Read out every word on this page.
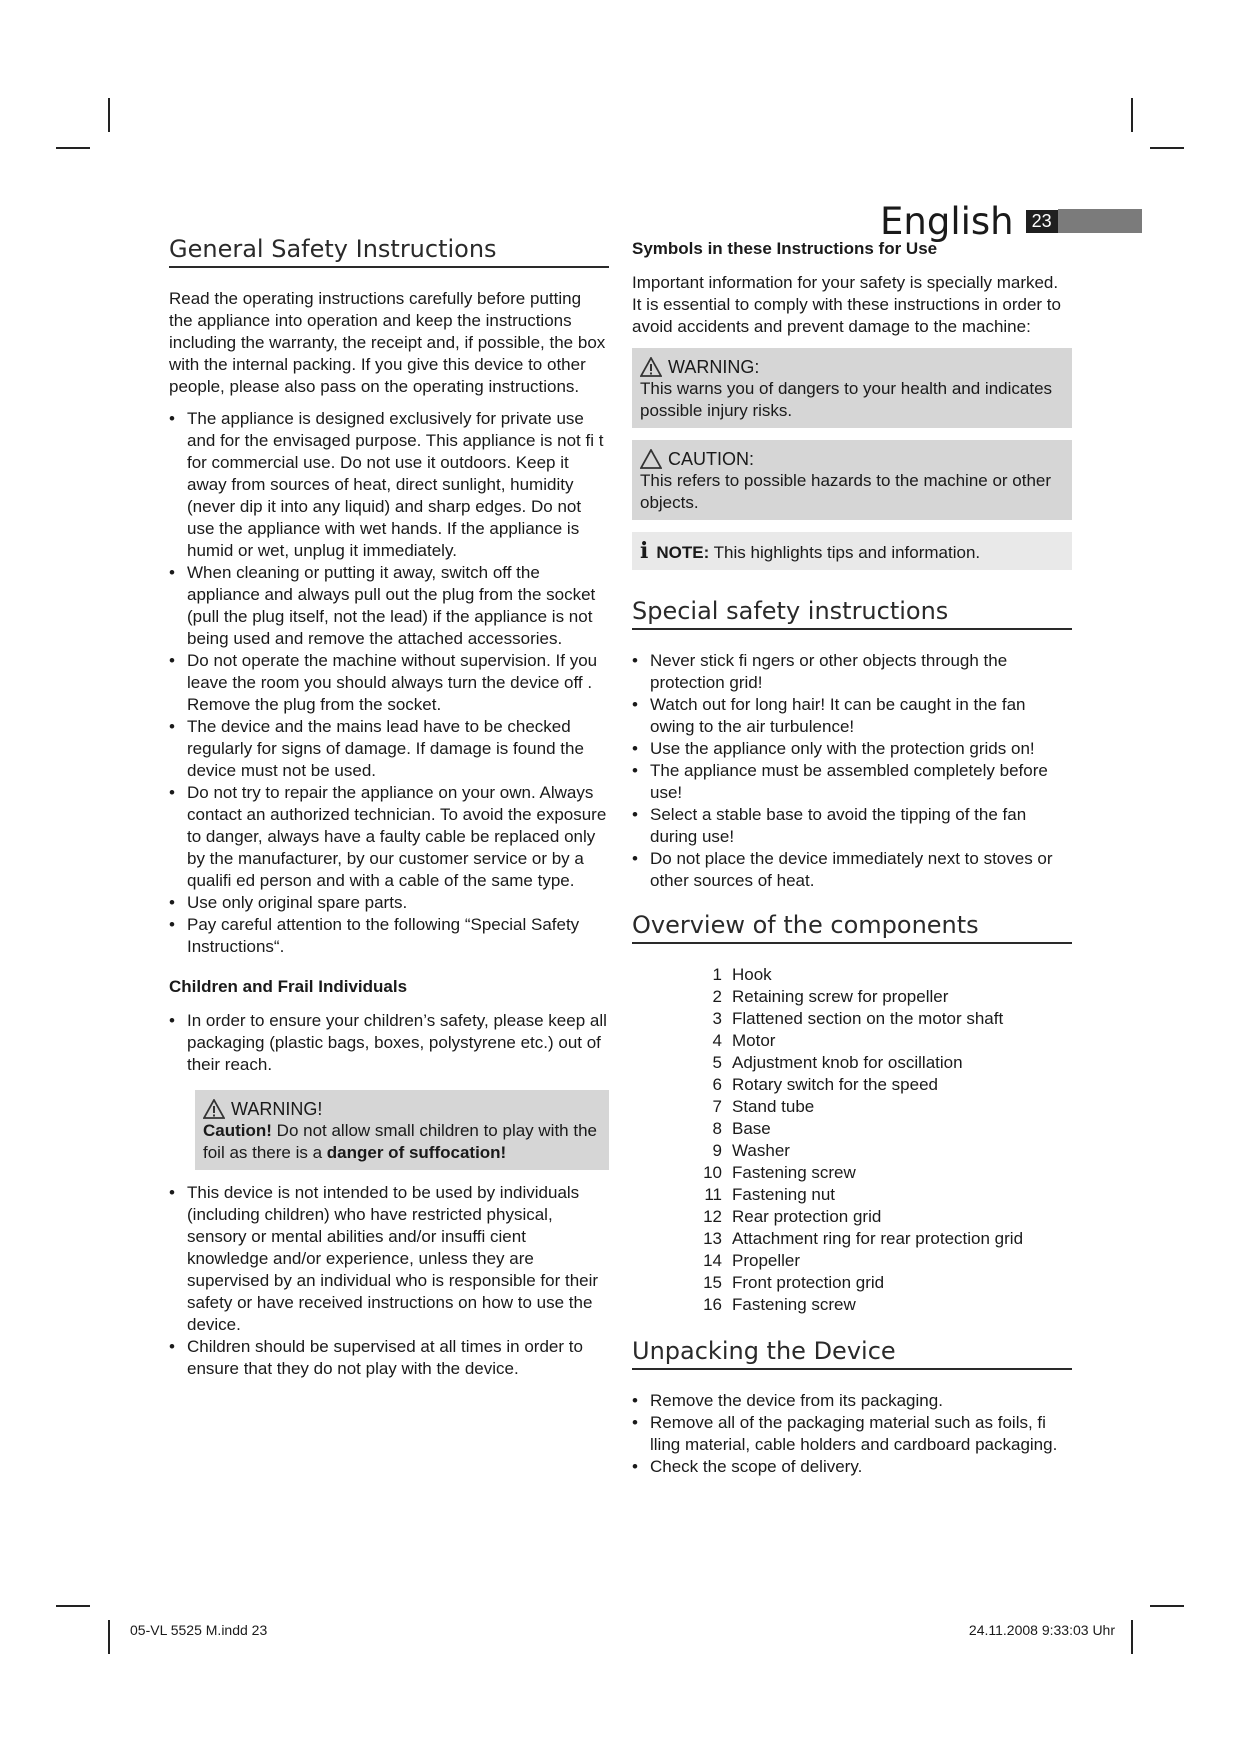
English	23
General Safety Instructions

Read the operating instructions carefully before putting the appliance into operation and keep the instructions including the warranty, the receipt and, if possible, the box with the internal packing. If you give this device to other people, please also pass on the operating instructions.

• The appliance is designed exclusively for private use and for the envisaged purpose. This appliance is not fi t for commercial use. Do not use it outdoors. Keep it away from sources of heat, direct sunlight, humidity (never dip it into any liquid) and sharp edges. Do not use the appliance with wet hands. If the appliance is humid or wet, unplug it immediately.
• When cleaning or putting it away, switch off the appliance and always pull out the plug from the socket (pull the plug itself, not the lead) if the appliance is not being used and remove the attached accessories.
• Do not operate the machine without supervision. If you leave the room you should always turn the device off . Remove the plug from the socket.
• The device and the mains lead have to be checked regularly for signs of damage. If damage is found the device must not be used.
• Do not try to repair the appliance on your own. Always contact an authorized technician. To avoid the exposure to danger, always have a faulty cable be replaced only by the manufacturer, by our customer service or by a qualifi ed person and with a cable of the same type.
• Use only original spare parts.
• Pay careful attention to the following “Special Safety Instructions“.
Children and Frail Individuals
• In order to ensure your children’s safety, please keep all packaging (plastic bags, boxes, polystyrene etc.) out of their reach.
WARNING!
Caution! Do not allow small children to play with the foil as there is a danger of suffocation!
• This device is not intended to be used by individuals (including children) who have restricted physical, sensory or mental abilities and/or insuffi cient knowledge and/or experience, unless they are supervised by an individual who is responsible for their safety or have received instructions on how to use the device.
• Children should be supervised at all times in order to ensure that they do not play with the device.
Symbols in these Instructions for Use

Important information for your safety is specially marked. It is essential to comply with these instructions in order to avoid accidents and prevent damage to the machine:

WARNING:
This warns you of dangers to your health and indicates possible injury risks.
CAUTION:
This refers to possible hazards to the machine or other objects.
i NOTE: This highlights tips and information.
Special safety instructions
• Never stick fi ngers or other objects through the protection grid!
• Watch out for long hair! It can be caught in the fan owing to the air turbulence!
• Use the appliance only with the protection grids on!
• The appliance must be assembled completely before use!
• Select a stable base to avoid the tipping of the fan during use!
• Do not place the device immediately next to stoves or other sources of heat.
Overview of the components
1 Hook
2 Retaining screw for propeller
3 Flattened section on the motor shaft
4 Motor
5 Adjustment knob for oscillation
6 Rotary switch for the speed
7 Stand tube
8 Base
9 Washer
10 Fastening screw
11 Fastening nut
12 Rear protection grid
13 Attachment ring for rear protection grid
14 Propeller
15 Front protection grid
16 Fastening screw
Unpacking the Device
• Remove the device from its packaging.
• Remove all of the packaging material such as foils, fi lling material, cable holders and cardboard packaging.
• Check the scope of delivery.
05-VL 5525 M.indd 23	24.11.2008 9:33:03 Uhr
